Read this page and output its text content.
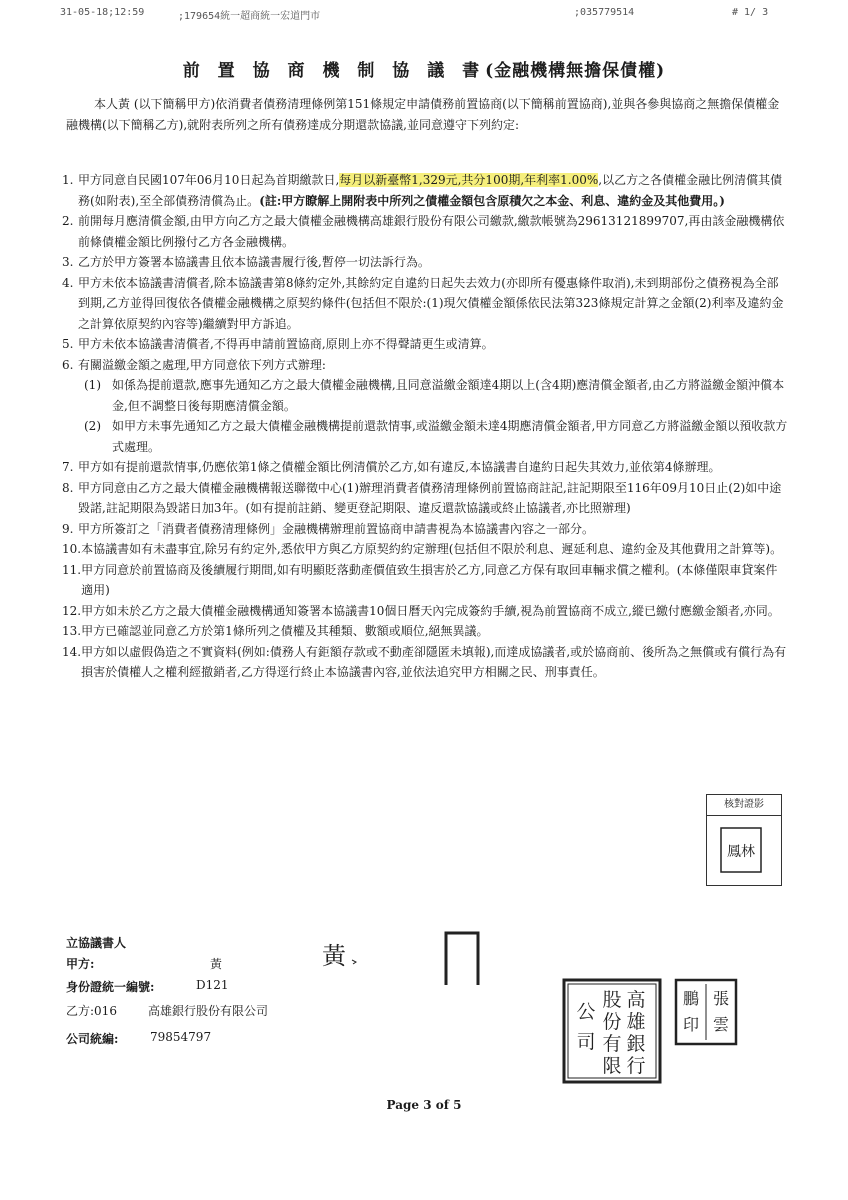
31-05-18;12:59	;179654統一超商統一宏道門市	;035779514	# 1/ 3
前 置 協 商 機 制 協 議 書(金融機構無擔保債權)
本人黃 (以下簡稱甲方)依消費者債務清理條例第151條規定申請債務前置協商(以下簡稱前置協商),並與各參與協商之無擔保債權金融機構(以下簡稱乙方),就附表所列之所有債務達成分期還款協議,並同意遵守下列約定:
1. 甲方同意自民國107年06月10日起為首期繳款日,每月以新臺幣1,329元,共分100期,年利率1.00%,以乙方之各債權金融比例清償其債務(如附表),至全部債務清償為止。(註:甲方瞭解上開附表中所列之債權金額包含原積欠之本金、利息、違約金及其他費用。)
2. 前開每月應清償金額,由甲方向乙方之最大債權金融機構高雄銀行股份有限公司繳款,繳款帳號為29613121899707,再由該金融機構依前條債權金額比例撥付乙方各金融機構。
3. 乙方於甲方簽署本協議書且依本協議書履行後,暫停一切法訴行為。
4. 甲方未依本協議書清償者,除本協議書第8條約定外,其餘約定自違約日起失去效力(亦即所有優惠條件取消),未到期部份之債務視為全部到期,乙方並得回復依各債權金融機構之原契約條件(包括但不限於:(1)現欠債權金額係依民法第323條規定計算之金額(2)利率及違約金之計算依原契約內容等)繼續對甲方訴追。
5. 甲方未依本協議書清償者,不得再申請前置協商,原則上亦不得聲請更生或清算。
6. 有關溢繳金額之處理,甲方同意依下列方式辦理:
(1) 如係為提前還款,應事先通知乙方之最大債權金融機構,且同意溢繳金額達4期以上(含4期)應清償金額者,由乙方將溢繳金額沖償本金,但不調整日後每期應清償金額。
(2) 如甲方未事先通知乙方之最大債權金融機構提前還款情事,或溢繳金額未達4期應清償金額者,甲方同意乙方將溢繳金額以預收款方式處理。
7. 甲方如有提前還款情事,仍應依第1條之債權金額比例清償於乙方,如有違反,本協議書自違約日起失其效力,並依第4條辦理。
8. 甲方同意由乙方之最大債權金融機構報送聯徵中心(1)辦理消費者債務清理條例前置協商註記,註記期限至116年09月10日止(2)如中途毀諾,註記期限為毀諾日加3年。(如有提前註銷、變更登記期限、違反還款協議或終止協議者,亦比照辦理)
9. 甲方所簽訂之「消費者債務清理條例」金融機構辦理前置協商申請書視為本協議書內容之一部分。
10. 本協議書如有未盡事宜,除另有約定外,悉依甲方與乙方原契約約定辦理(包括但不限於利息、遲延利息、違約金及其他費用之計算等)。
11. 甲方同意於前置協商及後續履行期間,如有明顯貶落動產價值致生損害於乙方,同意乙方保有取回車輛求償之權利。(本條僅限車貸案件適用)
12. 甲方如未於乙方之最大債權金融機構通知簽署本協議書10個日曆天內完成簽約手續,視為前置協商不成立,縱已繳付應繳金額者,亦同。
13. 甲方已確認並同意乙方於第1條所列之債權及其種類、數額或順位,絕無異議。
14. 甲方如以虛假偽造之不實資料(例如:債務人有鉅額存款或不動產卻隱匿未填報),而達成協議者,或於協商前、後所為之無償或有償行為有損害於債權人之權利經撤銷者,乙方得逕行終止本協議書內容,並依法追究甲方相關之民、刑事責任。
核對證影
鳳林
立協議書人
甲方:	黃
身份證統一編號:	D121
乙方:016	高雄銀行股份有限公司
公司統編:	79854797
黃
高
雄
銀
行
股
份
有
限
公
司
張
雲
鵬
印
Page 3 of 5
